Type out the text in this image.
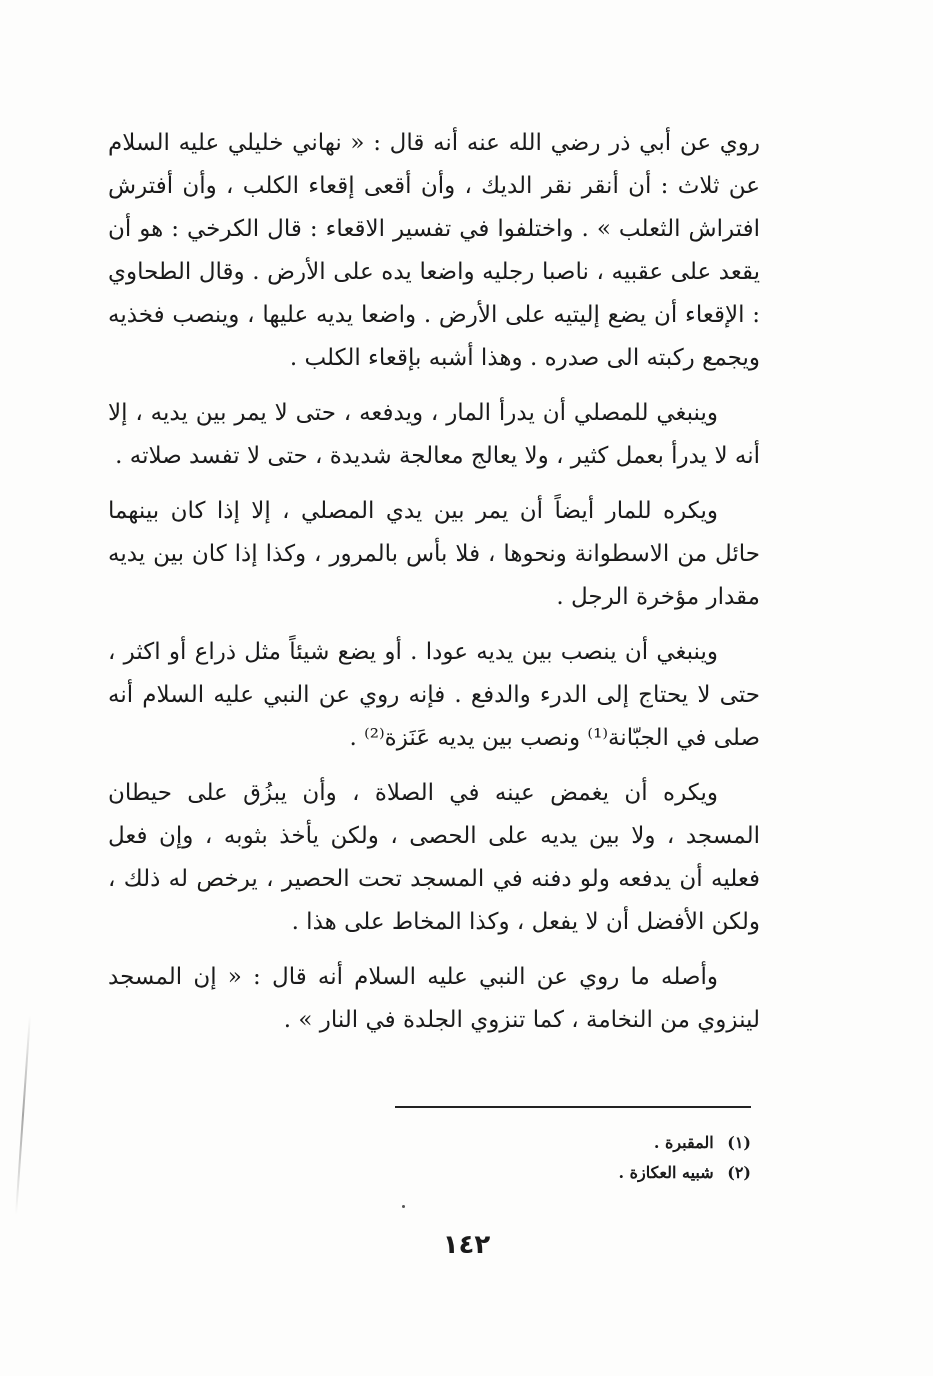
روي عن أبي ذر رضي الله عنه أنه قال : « نهاني خليلي عليه السلام عن ثلاث : أن أنقر نقر الديك ، وأن أقعى إقعاء الكلب ، وأن أفترش افتراش الثعلب » . واختلفوا في تفسير الاقعاء : قال الكرخي : هو أن يقعد على عقبيه ، ناصبا رجليه واضعا يده على الأرض . وقال الطحاوي : الإقعاء أن يضع إليتيه على الأرض . واضعا يديه عليها ، وينصب فخذيه ويجمع ركبته الى صدره . وهذا أشبه بإقعاء الكلب .

وينبغي للمصلي أن يدرأ المار ، ويدفعه ، حتى لا يمر بين يديه ، إلا أنه لا يدرأ بعمل كثير ، ولا يعالج معالجة شديدة ، حتى لا تفسد صلاته .

ويكره للمار أيضاً أن يمر بين يدي المصلي ، إلا إذا كان بينهما حائل من الاسطوانة ونحوها ، فلا بأس بالمرور ، وكذا إذا كان بين يديه مقدار مؤخرة الرجل .

وينبغي أن ينصب بين يديه عودا . أو يضع شيئاً مثل ذراع أو اكثر ، حتى لا يحتاج إلى الدرء والدفع . فإنه روي عن النبي عليه السلام أنه صلى في الجبّانة⁽¹⁾ ونصب بين يديه عَنَزة⁽²⁾ .

ويكره أن يغمض عينه في الصلاة ، وأن يبزُق على حيطان المسجد ، ولا بين يديه على الحصى ، ولكن يأخذ بثوبه ، وإن فعل فعليه أن يدفعه ولو دفنه في المسجد تحت الحصير ، يرخص له ذلك ، ولكن الأفضل أن لا يفعل ، وكذا المخاط على هذا .

وأصله ما روي عن النبي عليه السلام أنه قال : « إن المسجد لينزوي من النخامة ، كما تنزوي الجلدة في النار » .

(١) المقبرة .
(٢) شبيه العكازة .
١٤٢
